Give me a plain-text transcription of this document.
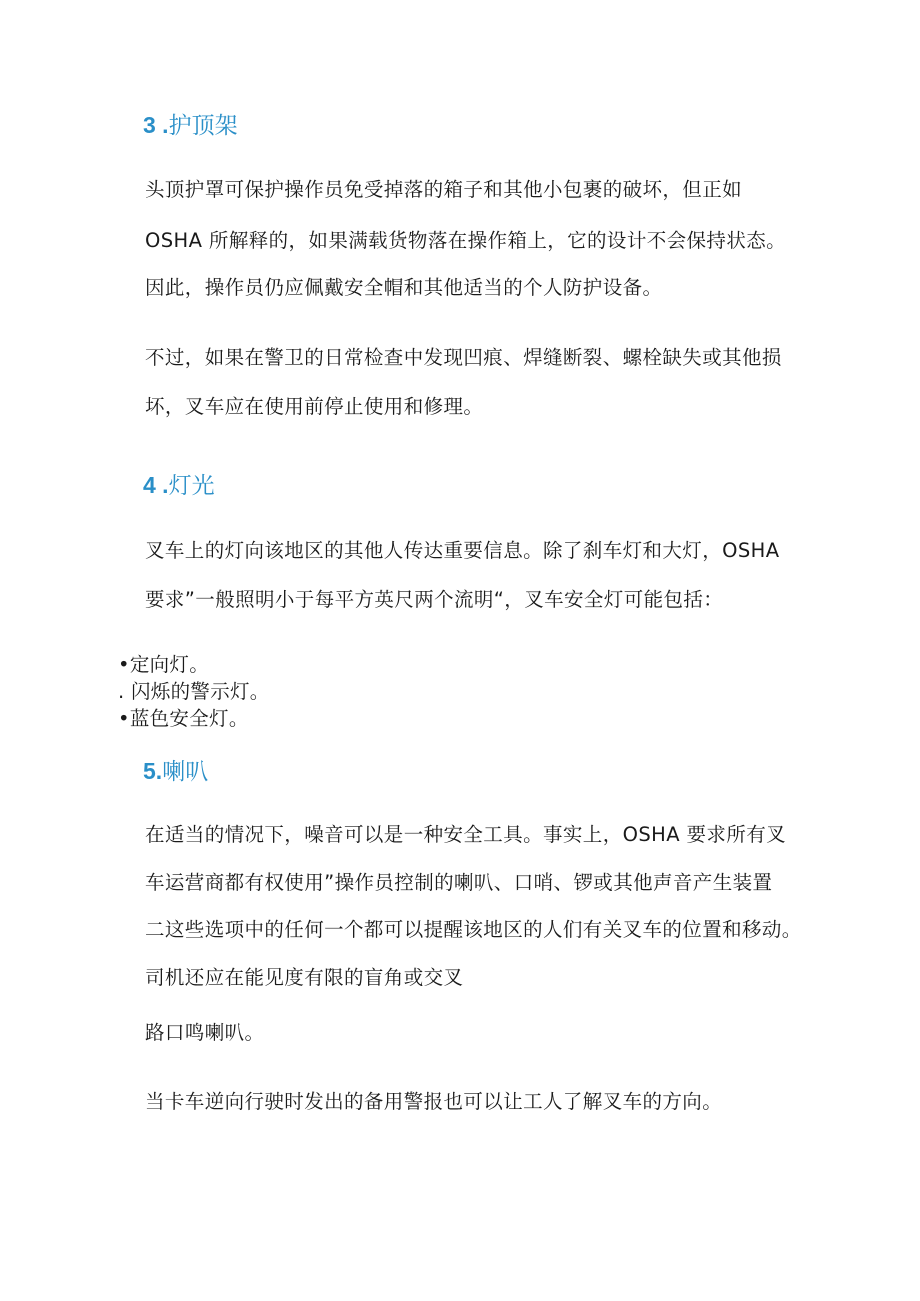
3 .护顶架
头顶护罩可保护操作员免受掉落的箱子和其他小包裹的破坏，但正如
OSHA 所解释的，如果满载货物落在操作箱上，它的设计不会保持状态。
因此，操作员仍应佩戴安全帽和其他适当的个人防护设备。
不过，如果在警卫的日常检查中发现凹痕、焊缝断裂、螺栓缺失或其他损
坏，叉车应在使用前停止使用和修理。
4 .灯光
叉车上的灯向该地区的其他人传达重要信息。除了刹车灯和大灯，OSHA
要求”一般照明小于每平方英尺两个流明“，叉车安全灯可能包括：
•定向灯。
. 闪烁的警示灯。
•蓝色安全灯。
5.喇叭
在适当的情况下，噪音可以是一种安全工具。事实上，OSHA 要求所有叉
车运营商都有权使用”操作员控制的喇叭、口哨、锣或其他声音产生装置
二这些选项中的任何一个都可以提醒该地区的人们有关叉车的位置和移动。
司机还应在能见度有限的盲角或交叉
路口鸣喇叭。
当卡车逆向行驶时发出的备用警报也可以让工人了解叉车的方向。
